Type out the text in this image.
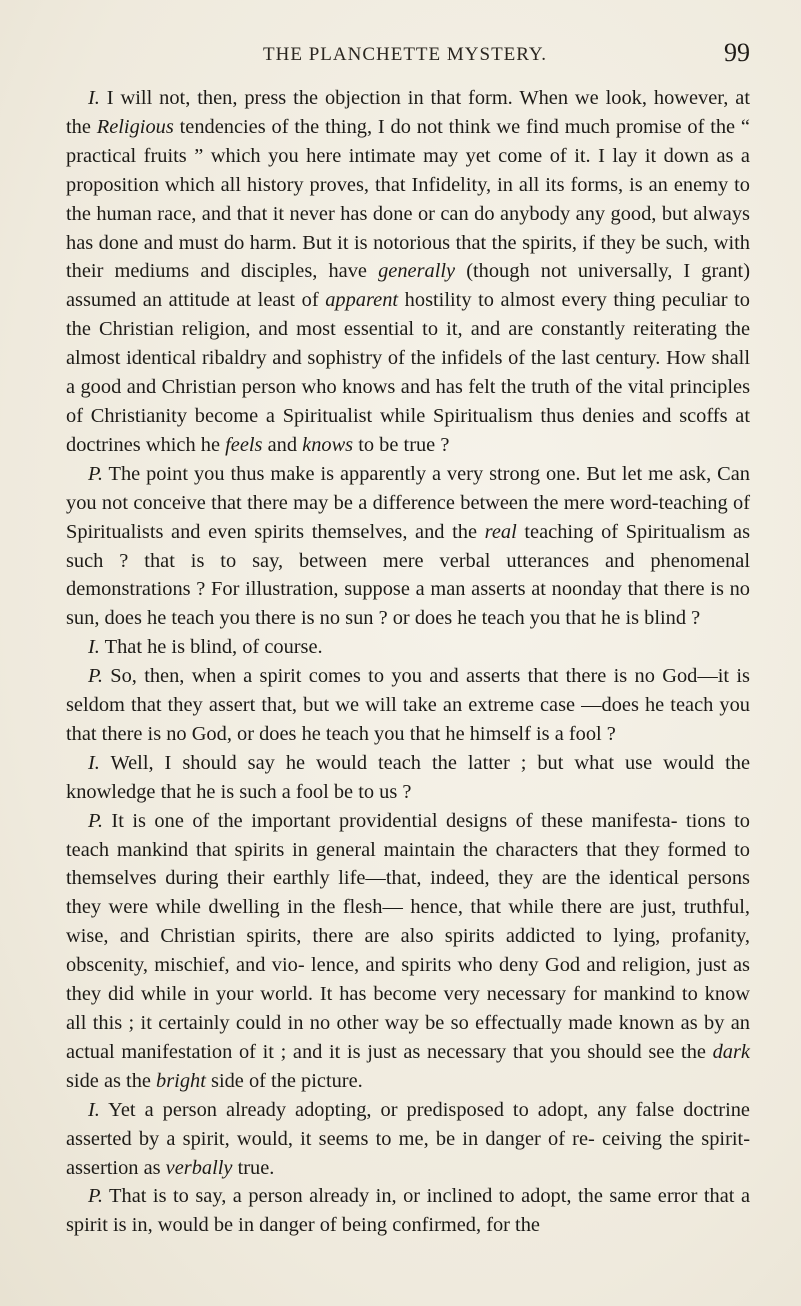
THE PLANCHETTE MYSTERY.	99

I. I will not, then, press the objection in that form. When we look, however, at the Religious tendencies of the thing, I do not think we find much promise of the “ practical fruits ” which you here intimate may yet come of it. I lay it down as a proposition which all history proves, that Infidelity, in all its forms, is an enemy to the human race, and that it never has done or can do anybody any good, but always has done and must do harm. But it is notorious that the spirits, if they be such, with their mediums and disciples, have generally (though not universally, I grant) assumed an attitude at least of apparent hostility to almost every thing peculiar to the Christian religion, and most essential to it, and are constantly reiterating the almost identical ribaldry and sophistry of the infidels of the last century. How shall a good and Christian person who knows and has felt the truth of the vital principles of Christianity become a Spiritualist while Spiritualism thus denies and scoffs at doctrines which he feels and knows to be true ?

P. The point you thus make is apparently a very strong one. But let me ask, Can you not conceive that there may be a difference between the mere word-teaching of Spiritualists and even spirits themselves, and the real teaching of Spiritualism as such ? that is to say, between mere verbal utterances and phenomenal demonstrations ? For illustration, suppose a man asserts at noonday that there is no sun, does he teach you there is no sun ? or does he teach you that he is blind ?

I. That he is blind, of course.

P. So, then, when a spirit comes to you and asserts that there is no God—it is seldom that they assert that, but we will take an extreme case —does he teach you that there is no God, or does he teach you that he himself is a fool ?

I. Well, I should say he would teach the latter ; but what use would the knowledge that he is such a fool be to us ?

P. It is one of the important providential designs of these manifesta- tions to teach mankind that spirits in general maintain the characters that they formed to themselves during their earthly life—that, indeed, they are the identical persons they were while dwelling in the flesh— hence, that while there are just, truthful, wise, and Christian spirits, there are also spirits addicted to lying, profanity, obscenity, mischief, and vio- lence, and spirits who deny God and religion, just as they did while in your world. It has become very necessary for mankind to know all this ; it certainly could in no other way be so effectually made known as by an actual manifestation of it ; and it is just as necessary that you should see the dark side as the bright side of the picture.

I. Yet a person already adopting, or predisposed to adopt, any false doctrine asserted by a spirit, would, it seems to me, be in danger of re- ceiving the spirit-assertion as verbally true.

P. That is to say, a person already in, or inclined to adopt, the same error that a spirit is in, would be in danger of being confirmed, for the
